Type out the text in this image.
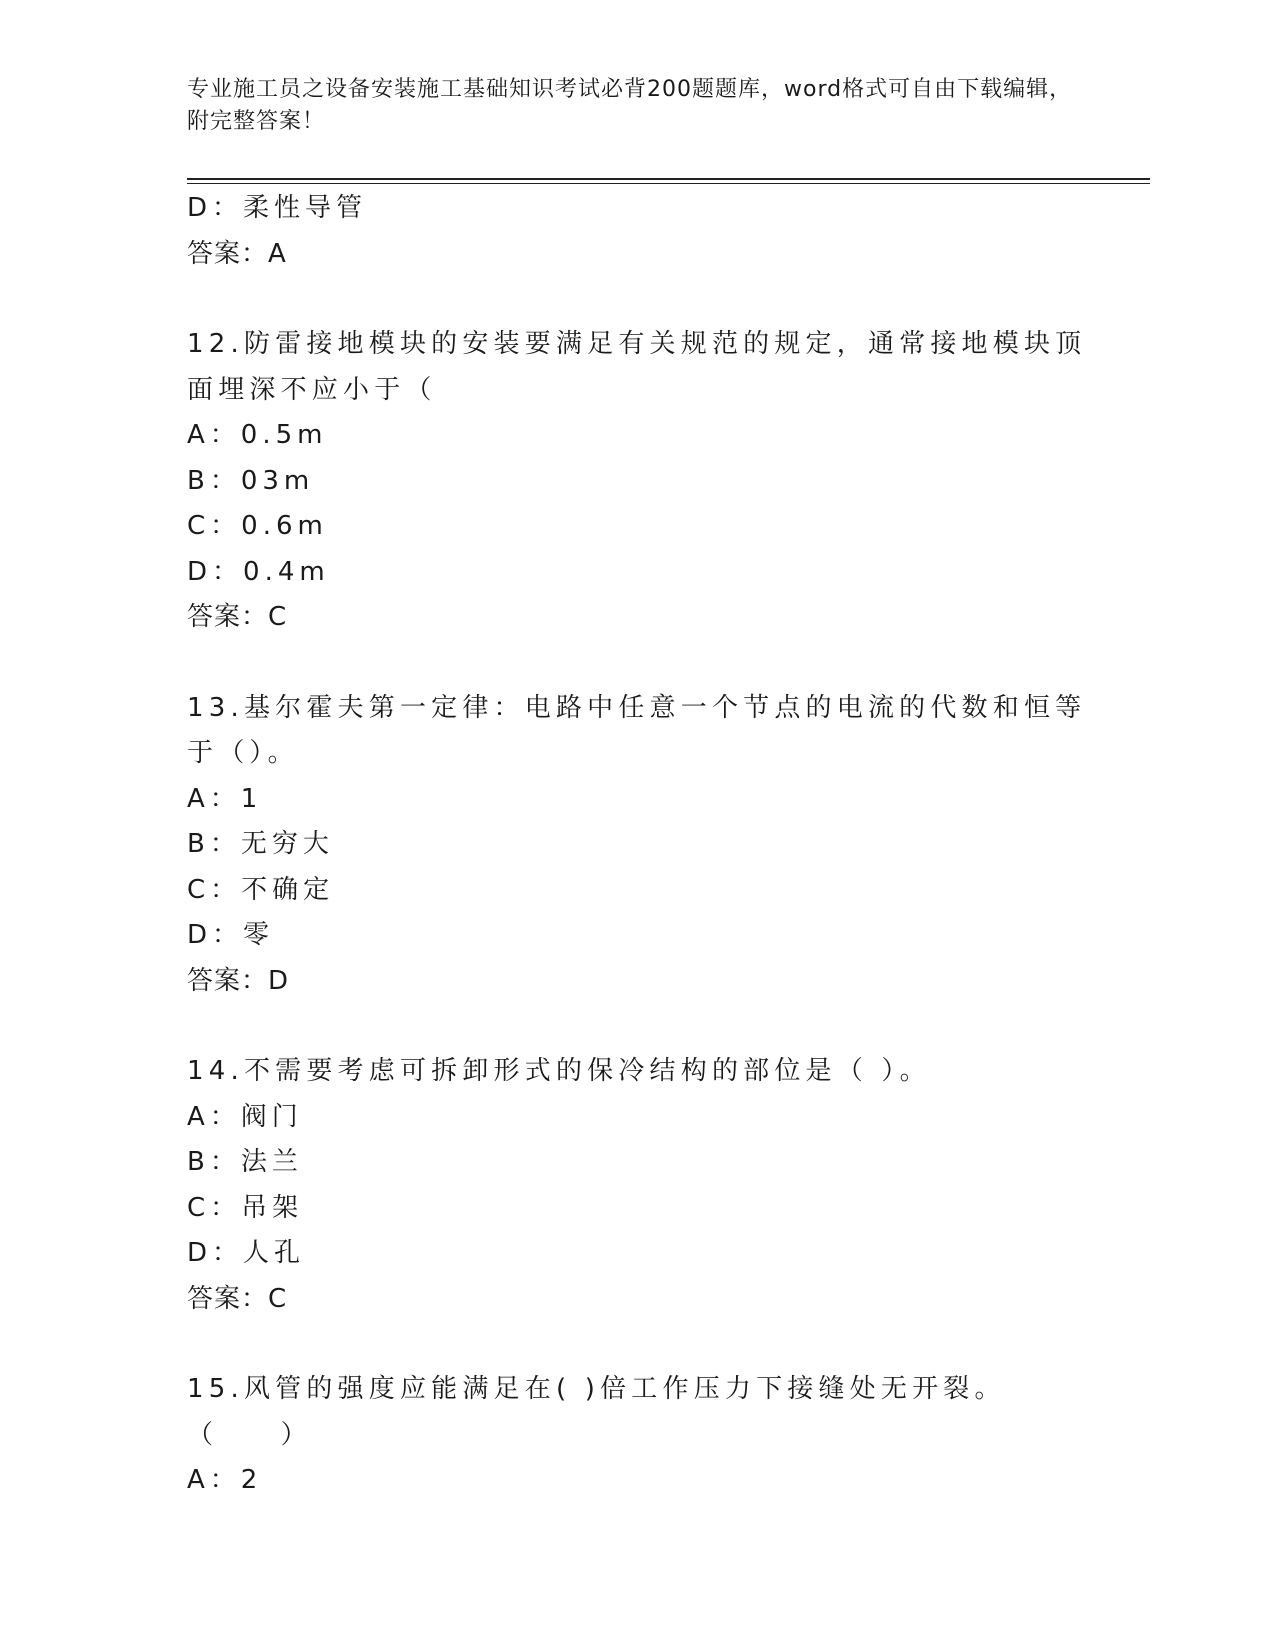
专业施工员之设备安装施工基础知识考试必背200题题库，word格式可自由下载编辑，附完整答案！
D：柔性导管
答案：A
12.防雷接地模块的安装要满足有关规范的规定，通常接地模块顶面埋深不应小于（
A：0.5m
B：03m
C：0.6m
D：0.4m
答案：C
13.基尔霍夫第一定律：电路中任意一个节点的电流的代数和恒等于（）。
A：1
B：无穷大
C：不确定
D：零
答案：D
14.不需要考虑可拆卸形式的保冷结构的部位是（ ）。
A：阀门
B：法兰
C：吊架
D：人孔
答案：C
15.风管的强度应能满足在( )倍工作压力下接缝处无开裂。（　　）
A：2
